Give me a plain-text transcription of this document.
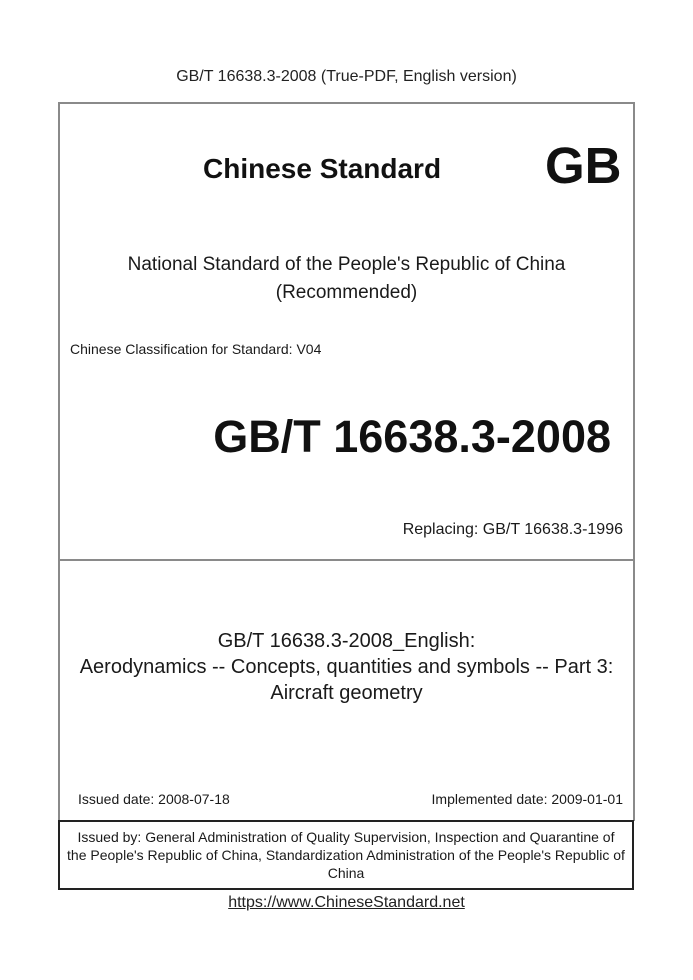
GB/T 16638.3-2008 (True-PDF, English version)
Chinese Standard GB
National Standard of the People's Republic of China
(Recommended)
Chinese Classification for Standard: V04
GB/T 16638.3-2008
Replacing: GB/T 16638.3-1996
GB/T 16638.3-2008_English:
Aerodynamics -- Concepts, quantities and symbols -- Part 3:
Aircraft geometry
Issued date: 2008-07-18	Implemented date: 2009-01-01
Issued by: General Administration of Quality Supervision, Inspection and Quarantine of
the People's Republic of China, Standardization Administration of the People's Republic of
China
https://www.ChineseStandard.net
